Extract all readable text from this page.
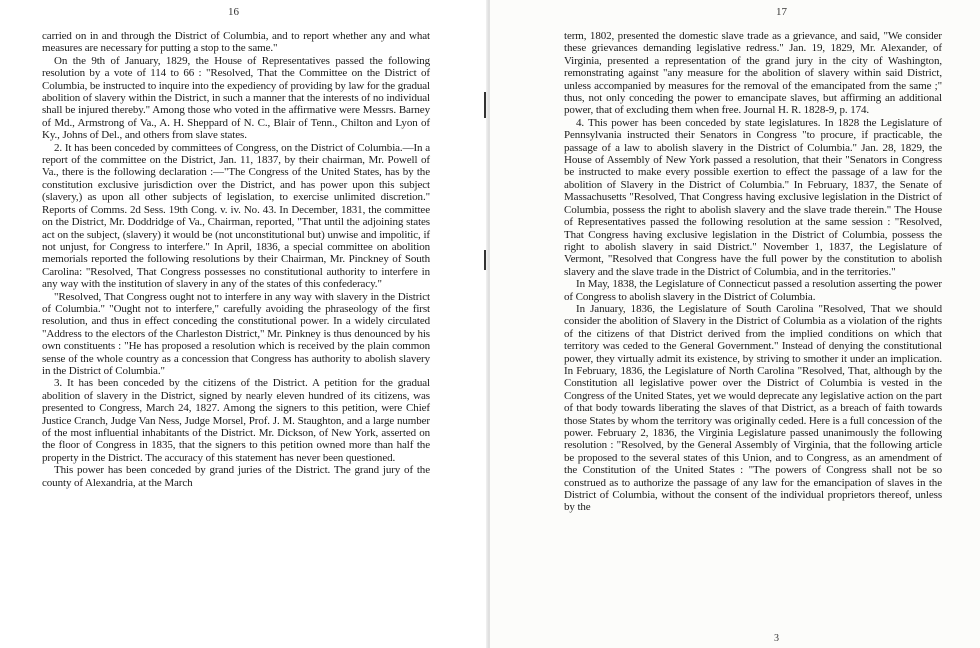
16

carried on in and through the District of Columbia, and to report whether any and what measures are necessary for putting a stop to the same."

On the 9th of January, 1829, the House of Representatives passed the following resolution by a vote of 114 to 66 : "Resolved, That the Committee on the District of Columbia, be instructed to inquire into the expediency of providing by law for the gradual abolition of slavery within the District, in such a manner that the interests of no individual shall be injured thereby." Among those who voted in the affirmative were Messrs. Barney of Md., Armstrong of Va., A. H. Sheppard of N. C., Blair of Tenn., Chilton and Lyon of Ky., Johns of Del., and others from slave states.

2. It has been conceded by committees of Congress, on the District of Columbia.—In a report of the committee on the District, Jan. 11, 1837, by their chairman, Mr. Powell of Va., there is the following declaration :—"The Congress of the United States, has by the constitution exclusive jurisdiction over the District, and has power upon this subject (slavery,) as upon all other subjects of legislation, to exercise unlimited discretion." Reports of Comms. 2d Sess. 19th Cong. v. iv. No. 43. In December, 1831, the committee on the District, Mr. Doddridge of Va., Chairman, reported, "That until the adjoining states act on the subject, (slavery) it would be (not unconstitutional but) unwise and impolitic, if not unjust, for Congress to interfere." In April, 1836, a special committee on abolition memorials reported the following resolutions by their Chairman, Mr. Pinckney of South Carolina: "Resolved, That Congress possesses no constitutional authority to interfere in any way with the institution of slavery in any of the states of this confederacy."

"Resolved, That Congress ought not to interfere in any way with slavery in the District of Columbia." "Ought not to interfere," carefully avoiding the phraseology of the first resolution, and thus in effect conceding the constitutional power. In a widely circulated "Address to the electors of the Charleston District," Mr. Pinkney is thus denounced by his own constituents : "He has proposed a resolution which is received by the plain common sense of the whole country as a concession that Congress has authority to abolish slavery in the District of Columbia."

3. It has been conceded by the citizens of the District. A petition for the gradual abolition of slavery in the District, signed by nearly eleven hundred of its citizens, was presented to Congress, March 24, 1827. Among the signers to this petition, were Chief Justice Cranch, Judge Van Ness, Judge Morsel, Prof. J. M. Staughton, and a large number of the most influential inhabitants of the District. Mr. Dickson, of New York, asserted on the floor of Congress in 1835, that the signers to this petition owned more than half the property in the District. The accuracy of this statement has never been questioned.

This power has been conceded by grand juries of the District. The grand jury of the county of Alexandria, at the March

17

term, 1802, presented the domestic slave trade as a grievance, and said, "We consider these grievances demanding legislative redress." Jan. 19, 1829, Mr. Alexander, of Virginia, presented a representation of the grand jury in the city of Washington, remonstrating against "any measure for the abolition of slavery within said District, unless accompanied by measures for the removal of the emancipated from the same ;" thus, not only conceding the power to emancipate slaves, but affirming an additional power, that of excluding them when free. Journal H. R. 1828-9, p. 174.

4. This power has been conceded by state legislatures. In 1828 the Legislature of Pennsylvania instructed their Senators in Congress "to procure, if practicable, the passage of a law to abolish slavery in the District of Columbia." Jan. 28, 1829, the House of Assembly of New York passed a resolution, that their "Senators in Congress be instructed to make every possible exertion to effect the passage of a law for the abolition of Slavery in the District of Columbia." In February, 1837, the Senate of Massachusetts "Resolved, That Congress having exclusive legislation in the District of Columbia, possess the right to abolish slavery and the slave trade therein." The House of Representatives passed the following resolution at the same session : "Resolved, That Congress having exclusive legislation in the District of Columbia, possess the right to abolish slavery in said District." November 1, 1837, the Legislature of Vermont, "Resolved that Congress have the full power by the constitution to abolish slavery and the slave trade in the District of Columbia, and in the territories."

In May, 1838, the Legislature of Connecticut passed a resolution asserting the power of Congress to abolish slavery in the District of Columbia.

In January, 1836, the Legislature of South Carolina "Resolved, That we should consider the abolition of Slavery in the District of Columbia as a violation of the rights of the citizens of that District derived from the implied conditions on which that territory was ceded to the General Government." Instead of denying the constitutional power, they virtually admit its existence, by striving to smother it under an implication. In February, 1836, the Legislature of North Carolina "Resolved, That, although by the Constitution all legislative power over the District of Columbia is vested in the Congress of the United States, yet we would deprecate any legislative action on the part of that body towards liberating the slaves of that District, as a breach of faith towards those States by whom the territory was originally ceded. Here is a full concession of the power. February 2, 1836, the Virginia Legislature passed unanimously the following resolution : "Resolved, by the General Assembly of Virginia, that the following article be proposed to the several states of this Union, and to Congress, as an amendment of the Constitution of the United States : "The powers of Congress shall not be so construed as to authorize the passage of any law for the emancipation of slaves in the District of Columbia, without the consent of the individual proprietors thereof, unless by the

3
